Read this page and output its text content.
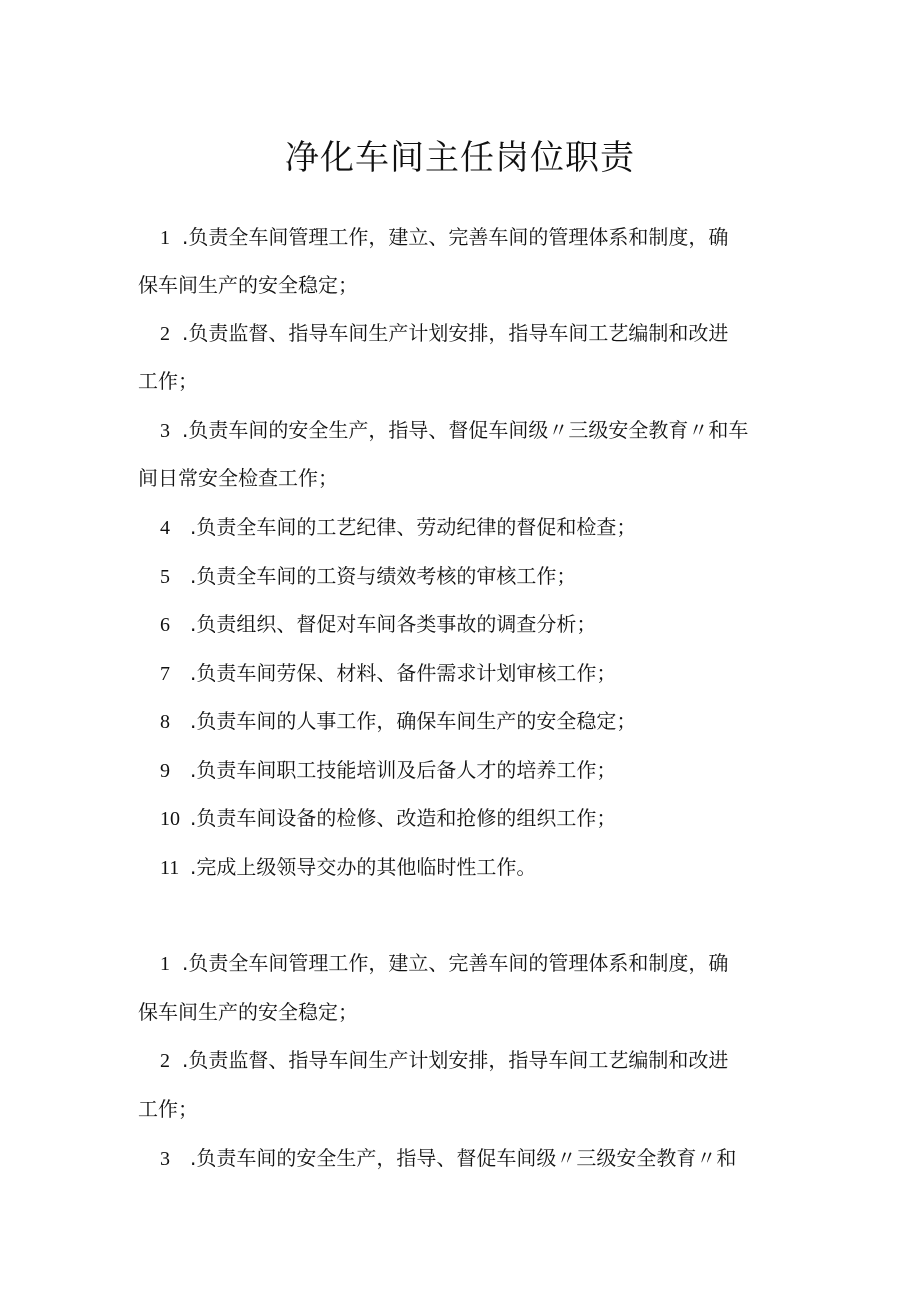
净化车间主任岗位职责
1 .负责全车间管理工作，建立、完善车间的管理体系和制度，确
保车间生产的安全稳定；
2 .负责监督、指导车间生产计划安排，指导车间工艺编制和改进
工作；
3 .负责车间的安全生产，指导、督促车间级〃三级安全教育〃和车
间日常安全检查工作；
4 .负责全车间的工艺纪律、劳动纪律的督促和检查；
5 .负责全车间的工资与绩效考核的审核工作；
6 .负责组织、督促对车间各类事故的调查分析；
7 .负责车间劳保、材料、备件需求计划审核工作；
8 .负责车间的人事工作，确保车间生产的安全稳定；
9 .负责车间职工技能培训及后备人才的培养工作；
10 .负责车间设备的检修、改造和抢修的组织工作；
11 .完成上级领导交办的其他临时性工作。
1 .负责全车间管理工作，建立、完善车间的管理体系和制度，确
保车间生产的安全稳定；
2 .负责监督、指导车间生产计划安排，指导车间工艺编制和改进
工作；
3 .负责车间的安全生产，指导、督促车间级〃三级安全教育〃和
